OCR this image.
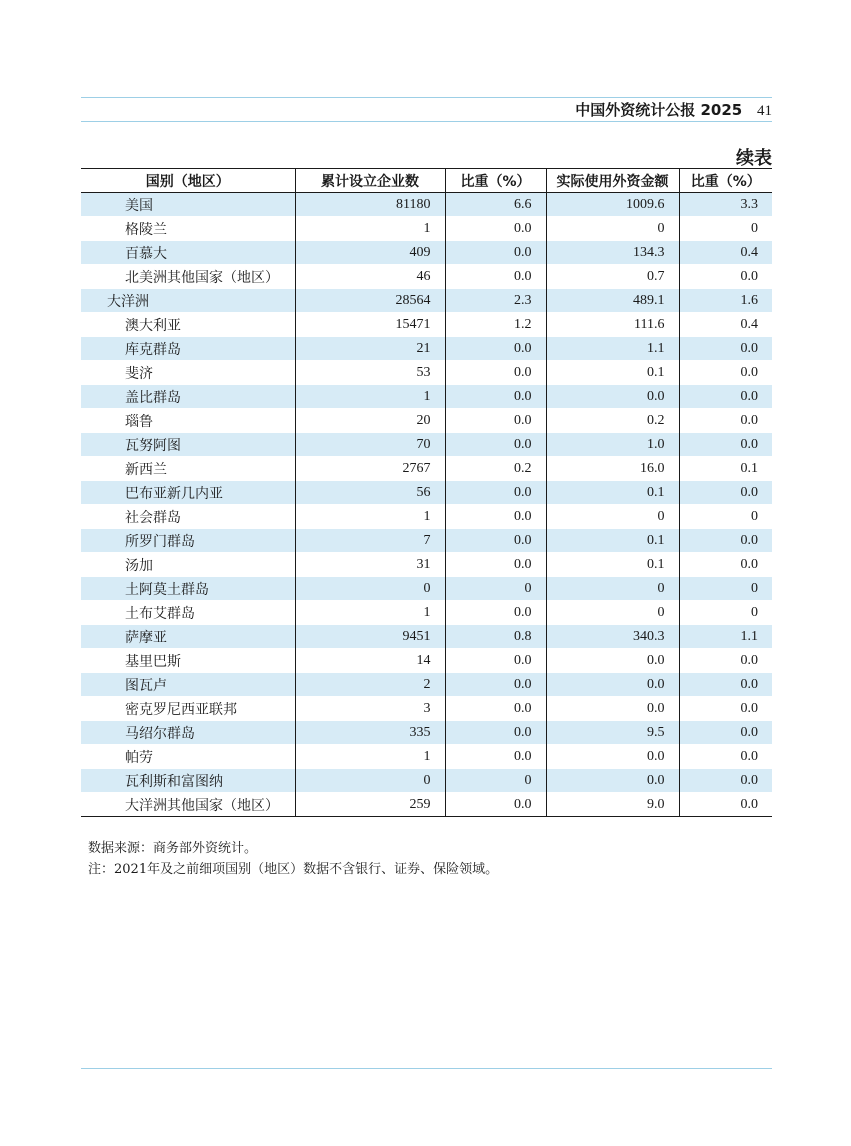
中国外资统计公报 2025 41
续表
国别（地区）	累计设立企业数	比重（%）	实际使用外资金额	比重（%）
美国	81180	6.6	1009.6	3.3
格陵兰	1	0.0	0	0
百慕大	409	0.0	134.3	0.4
北美洲其他国家（地区）	46	0.0	0.7	0.0
大洋洲	28564	2.3	489.1	1.6
澳大利亚	15471	1.2	111.6	0.4
库克群岛	21	0.0	1.1	0.0
斐济	53	0.0	0.1	0.0
盖比群岛	1	0.0	0.0	0.0
瑙鲁	20	0.0	0.2	0.0
瓦努阿图	70	0.0	1.0	0.0
新西兰	2767	0.2	16.0	0.1
巴布亚新几内亚	56	0.0	0.1	0.0
社会群岛	1	0.0	0	0
所罗门群岛	7	0.0	0.1	0.0
汤加	31	0.0	0.1	0.0
土阿莫土群岛	0	0	0	0
土布艾群岛	1	0.0	0	0
萨摩亚	9451	0.8	340.3	1.1
基里巴斯	14	0.0	0.0	0.0
图瓦卢	2	0.0	0.0	0.0
密克罗尼西亚联邦	3	0.0	0.0	0.0
马绍尔群岛	335	0.0	9.5	0.0
帕劳	1	0.0	0.0	0.0
瓦利斯和富图纳	0	0	0.0	0.0
大洋洲其他国家（地区）	259	0.0	9.0	0.0
数据来源：商务部外资统计。
注：2021年及之前细项国别（地区）数据不含银行、证券、保险领域。
